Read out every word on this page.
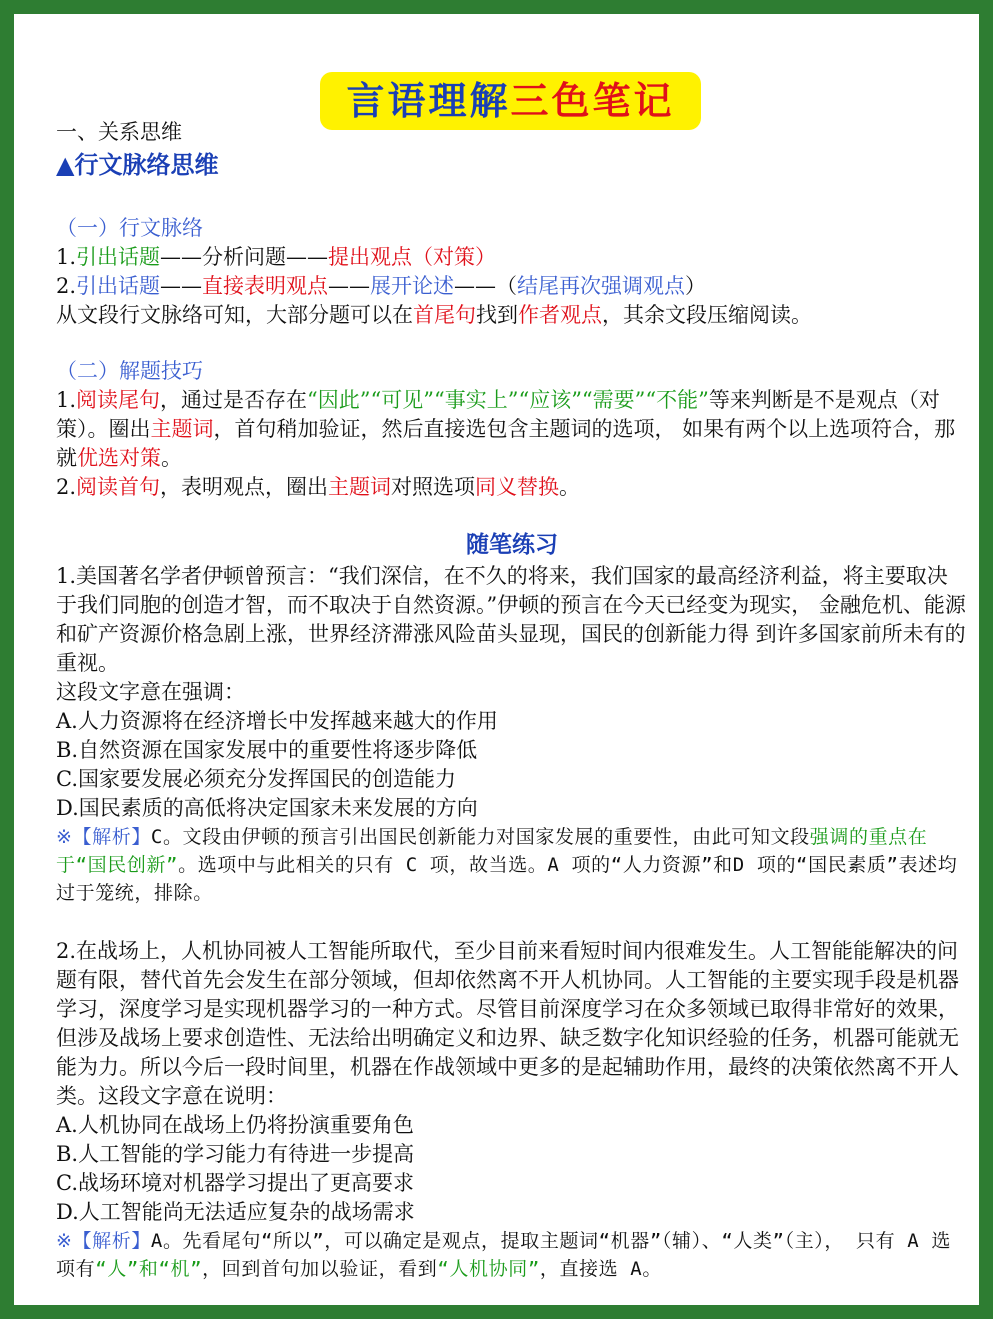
言语理解三色笔记
一、关系思维
▲行文脉络思维
（一）行文脉络
1.引出话题——分析问题——提出观点（对策）
2.引出话题——直接表明观点——展开论述——（结尾再次强调观点）
从文段行文脉络可知，大部分题可以在首尾句找到作者观点，其余文段压缩阅读。
（二）解题技巧
1.阅读尾句，通过是否存在“因此”“可见”“事实上”“应该”“需要”“不能”等来判断是不是观点（对策）。圈出主题词，首句稍加验证，然后直接选包含主题词的选项， 如果有两个以上选项符合，那就优选对策。
2.阅读首句，表明观点，圈出主题词对照选项同义替换。
随笔练习
1.美国著名学者伊顿曾预言：“我们深信，在不久的将来，我们国家的最高经济利益，将主要取决于我们同胞的创造才智，而不取决于自然资源。”伊顿的预言在今天已经变为现实， 金融危机、能源和矿产资源价格急剧上涨，世界经济滞涨风险苗头显现，国民的创新能力得 到许多国家前所未有的重视。
这段文字意在强调：
A.人力资源将在经济增长中发挥越来越大的作用
B.自然资源在国家发展中的重要性将逐步降低
C.国家要发展必须充分发挥国民的创造能力
D.国民素质的高低将决定国家未来发展的方向
※【解析】C。文段由伊顿的预言引出国民创新能力对国家发展的重要性，由此可知文段强调的重点在于“国民创新”。选项中与此相关的只有 C 项，故当选。A 项的“人力资源”和D 项的“国民素质”表述均过于笼统，排除。
2.在战场上，人机协同被人工智能所取代，至少目前来看短时间内很难发生。人工智能能解决的问题有限，替代首先会发生在部分领域，但却依然离不开人机协同。人工智能的主要实现手段是机器学习，深度学习是实现机器学习的一种方式。尽管目前深度学习在众多领域已取得非常好的效果，但涉及战场上要求创造性、无法给出明确定义和边界、缺乏数字化知识经验的任务，机器可能就无能为力。所以今后一段时间里，机器在作战领域中更多的是起辅助作用，最终的决策依然离不开人类。这段文字意在说明：
A.人机协同在战场上仍将扮演重要角色
B.人工智能的学习能力有待进一步提高
C.战场环境对机器学习提出了更高要求
D.人工智能尚无法适应复杂的战场需求
※【解析】A。先看尾句“所以”，可以确定是观点，提取主题词“机器”（辅）、“人类”（主）， 只有 A 选项有“人”和“机”，回到首句加以验证，看到“人机协同”，直接选 A。
